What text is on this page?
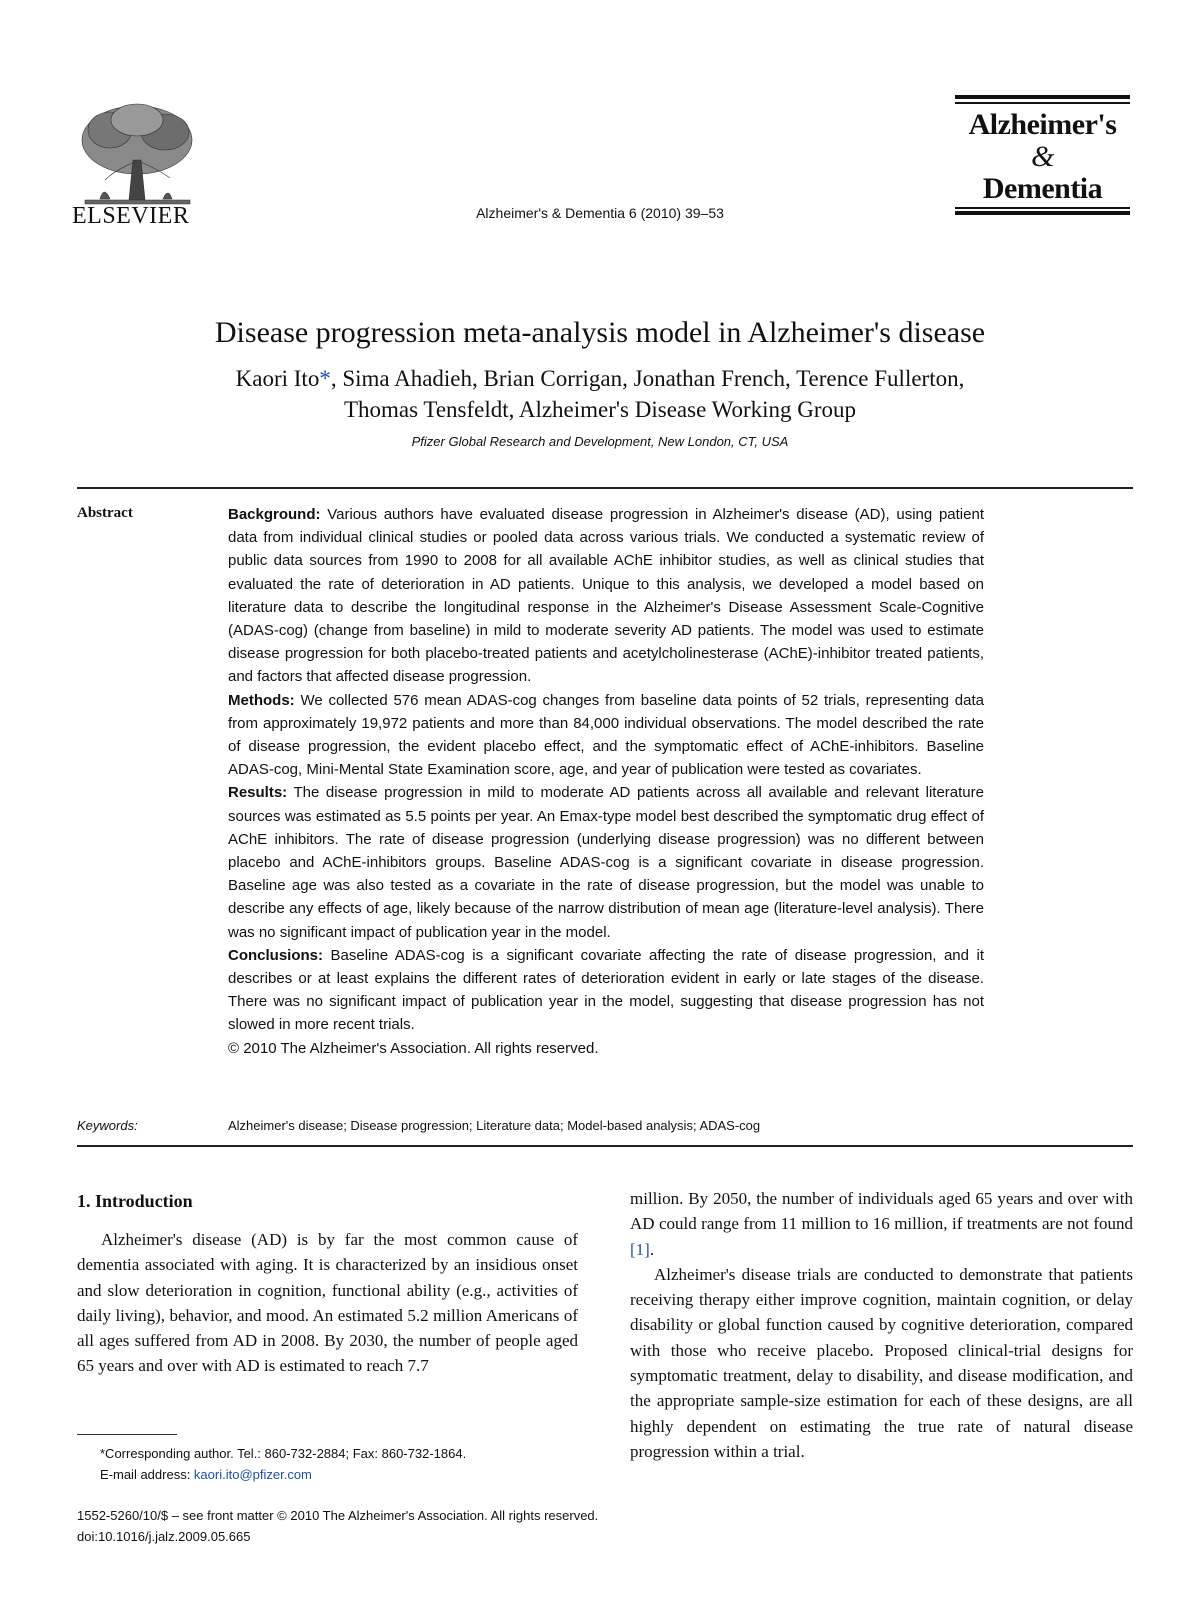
ELSEVIER	Alzheimer's & Dementia 6 (2010) 39–53
Alzheimer's
&
Dementia
Disease progression meta-analysis model in Alzheimer's disease
Kaori Ito*, Sima Ahadieh, Brian Corrigan, Jonathan French, Terence Fullerton,
Thomas Tensfeldt, Alzheimer's Disease Working Group
Pfizer Global Research and Development, New London, CT, USA
Abstract	Background: Various authors have evaluated disease progression in Alzheimer's disease (AD), using patient data from individual clinical studies or pooled data across various trials. We conducted a systematic review of public data sources from 1990 to 2008 for all available AChE inhibitor studies, as well as clinical studies that evaluated the rate of deterioration in AD patients. Unique to this analysis, we developed a model based on literature data to describe the longitudinal response in the Alzheimer's Disease Assessment Scale-Cognitive (ADAS-cog) (change from baseline) in mild to moderate severity AD patients. The model was used to estimate disease progression for both placebo-treated patients and acetylcholinesterase (AChE)-inhibitor treated patients, and factors that affected disease progression.

Methods: We collected 576 mean ADAS-cog changes from baseline data points of 52 trials, representing data from approximately 19,972 patients and more than 84,000 individual observations. The model described the rate of disease progression, the evident placebo effect, and the symptomatic effect of AChE-inhibitors. Baseline ADAS-cog, Mini-Mental State Examination score, age, and year of publication were tested as covariates.

Results: The disease progression in mild to moderate AD patients across all available and relevant literature sources was estimated as 5.5 points per year. An Emax-type model best described the symptomatic drug effect of AChE inhibitors. The rate of disease progression (underlying disease progression) was no different between placebo and AChE-inhibitors groups. Baseline ADAS-cog is a significant covariate in disease progression. Baseline age was also tested as a covariate in the rate of disease progression, but the model was unable to describe any effects of age, likely because of the narrow distribution of mean age (literature-level analysis). There was no significant impact of publication year in the model.

Conclusions: Baseline ADAS-cog is a significant covariate affecting the rate of disease progression, and it describes or at least explains the different rates of deterioration evident in early or late stages of the disease. There was no significant impact of publication year in the model, suggesting that disease progression has not slowed in more recent trials.

© 2010 The Alzheimer's Association. All rights reserved.

Keywords:	Alzheimer's disease; Disease progression; Literature data; Model-based analysis; ADAS-cog
1. Introduction

Alzheimer's disease (AD) is by far the most common cause of dementia associated with aging. It is characterized by an insidious onset and slow deterioration in cognition, functional ability (e.g., activities of daily living), behavior, and mood. An estimated 5.2 million Americans of all ages suffered from AD in 2008. By 2030, the number of people aged 65 years and over with AD is estimated to reach 7.7

million. By 2050, the number of individuals aged 65 years and over with AD could range from 11 million to 16 million, if treatments are not found [1].

Alzheimer's disease trials are conducted to demonstrate that patients receiving therapy either improve cognition, maintain cognition, or delay disability or global function caused by cognitive deterioration, compared with those who receive placebo. Proposed clinical-trial designs for symptomatic treatment, delay to disability, and disease modification, and the appropriate sample-size estimation for each of these designs, are all highly dependent on estimating the true rate of natural disease progression within a trial.

*Corresponding author. Tel.: 860-732-2884; Fax: 860-732-1864.
E-mail address: kaori.ito@pfizer.com
1552-5260/10/$ – see front matter © 2010 The Alzheimer's Association. All rights reserved.
doi:10.1016/j.jalz.2009.05.665
